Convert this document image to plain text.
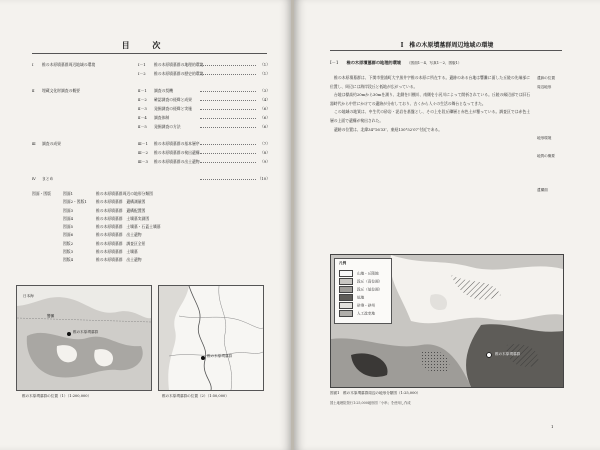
目 次
Ⅰ 椎の木原墳墓群周辺地域の環境	Ⅰ－1 椎の木原墳墓群の地理的環境	（1）
Ⅰ－2 椎の木原墳墓群の歴史的環境	（1）
Ⅱ 埋蔵文化財調査の概要	Ⅱ－1 調査の契機	（3）
Ⅱ－2 確認調査の経緯と成果	（4）
Ⅱ－3 発掘調査の経緯と実施	（6）
Ⅱ－4 調査体制	（6）
Ⅱ－5 発掘調査の方法	（6）
Ⅲ 調査の成果	Ⅲ－1 椎の木原墳墓群の基本層序	（7）
Ⅲ－2 椎の木原墳墓群の検出遺構	（8）
Ⅲ－3 椎の木原墳墓群の出土遺物	（9）
Ⅳ まとめ	（10）
図面・図版	図面1	椎の木原墳墓群周辺の地形分類図
図面2・図版1 椎の木原墳墓群　遺構測量図
図面3	椎の木原墳墓群　遺構配置図
図面4	椎の木原墳墓群　土壙墓実測図
図面5	椎の木原墳墓群　土壙墓・石蓋土壙墓
図面6	椎の木原墳墓群　出土遺物
図版2	椎の木原墳墓群　調査区全景
図版3	椎の木原墳墓群　土壙墓
図版4	椎の木原墳墓群　出土遺物
椎の木原墳墓群
日本海
響灘
椎の木原墳墓群の位置（1）（1:200,000）
椎の木原墳墓群
椎の木原墳墓群の位置（2）（1:50,000）
Ⅰ　椎の木原墳墓群周辺地域の環境
Ⅰ－1 椎の木原墳墓群の地理的環境 （図面1－4、写真1－2、図版1）

椎の木原墳墓群は、下関市豊浦町大字黒井字椎の木原に所在する。遺跡のある台地は響灘に面した丘陵の先端部に位置し、周辺には海岸段丘と低地が広がっている。

台地は標高約20mから30mを測り、北側を川棚川、南側を小河川によって開析されている。丘陵の縁辺部では旧石器時代から中世にかけての遺跡が分布しており、古くから人々の生活の舞台となってきた。

この地域の地質は、中生代の砂岩・泥岩を基盤とし、その上を段丘礫層と赤色土が覆っている。調査区では赤色土層の上面で遺構が検出された。

遺跡の位置は、北緯34°16′33″、東経130°52′07″付近である。

遺跡の位置
周辺地形
地形環境
地質の概要
遺構面
椎の木原墳墓群
凡例
山地・丘陵地
段丘（高位面）
段丘（低位面）
低地
砂堆・砂州
人工改変地
図面1　椎の木原墳墓群周辺の地形分類図（1:25,000）
国土地理院発行1:25,000地形図「小串」を使用し作成
1
